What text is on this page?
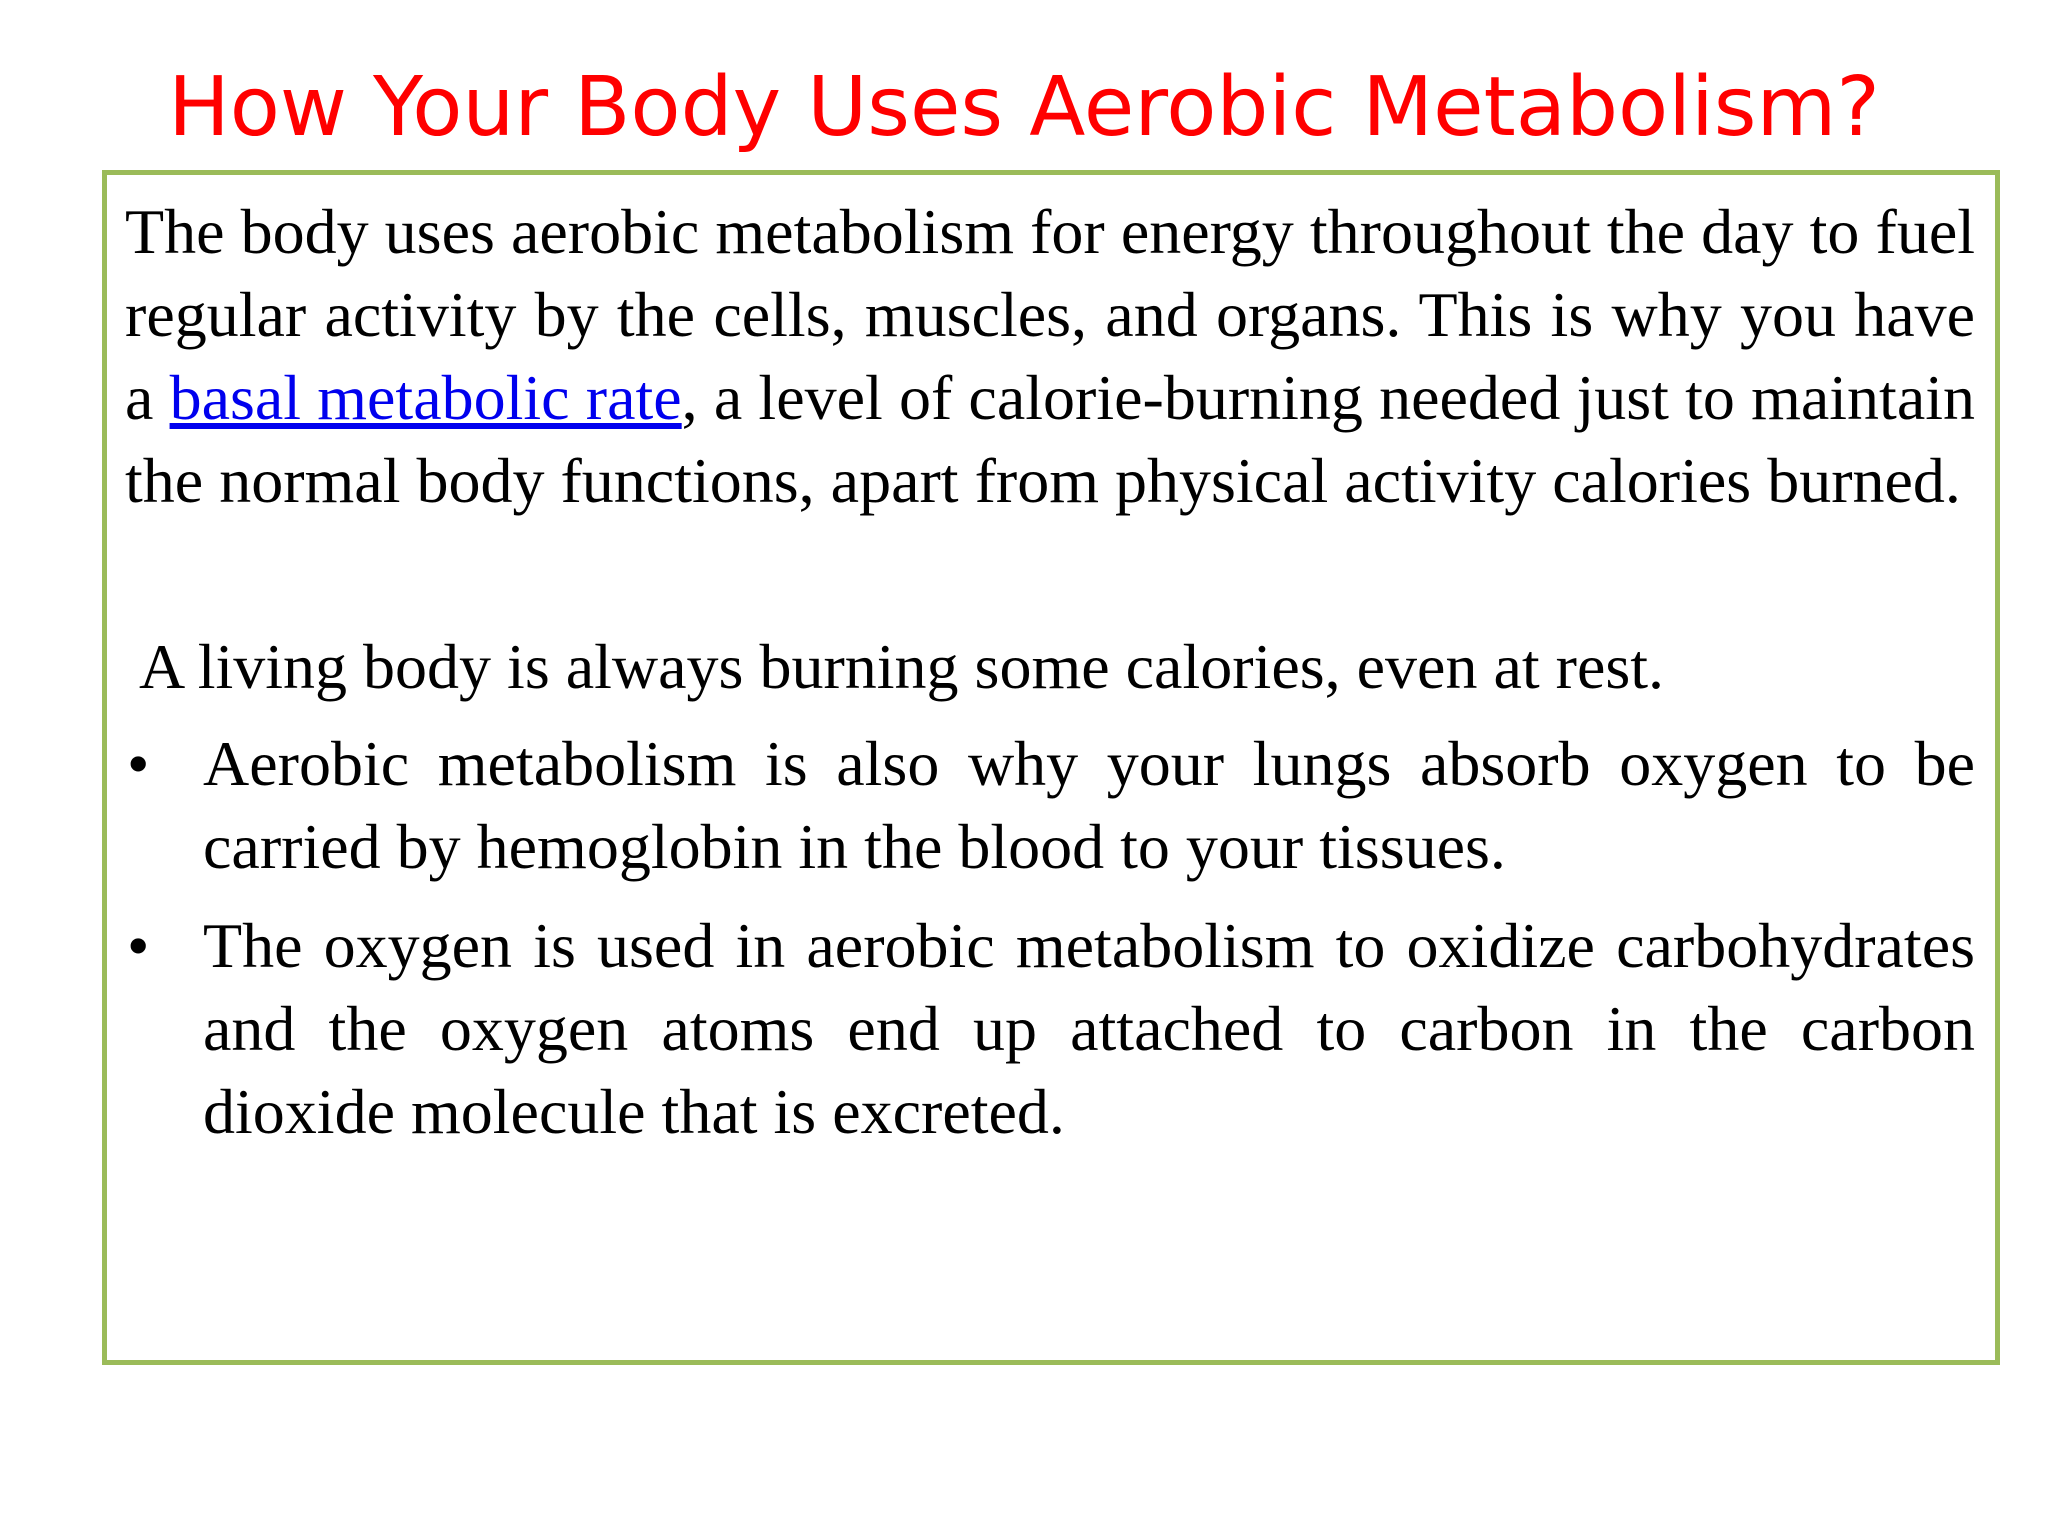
How Your Body Uses Aerobic Metabolism?

The body uses aerobic metabolism for energy throughout the day to fuel regular activity by the cells, muscles, and organs. This is why you have a basal metabolic rate, a level of calorie-burning needed just to maintain the normal body functions, apart from physical activity calories burned.

A living body is always burning some calories, even at rest.

• Aerobic metabolism is also why your lungs absorb oxygen to be carried by hemoglobin in the blood to your tissues.
• The oxygen is used in aerobic metabolism to oxidize carbohydrates and the oxygen atoms end up attached to carbon in the carbon dioxide molecule that is excreted.
